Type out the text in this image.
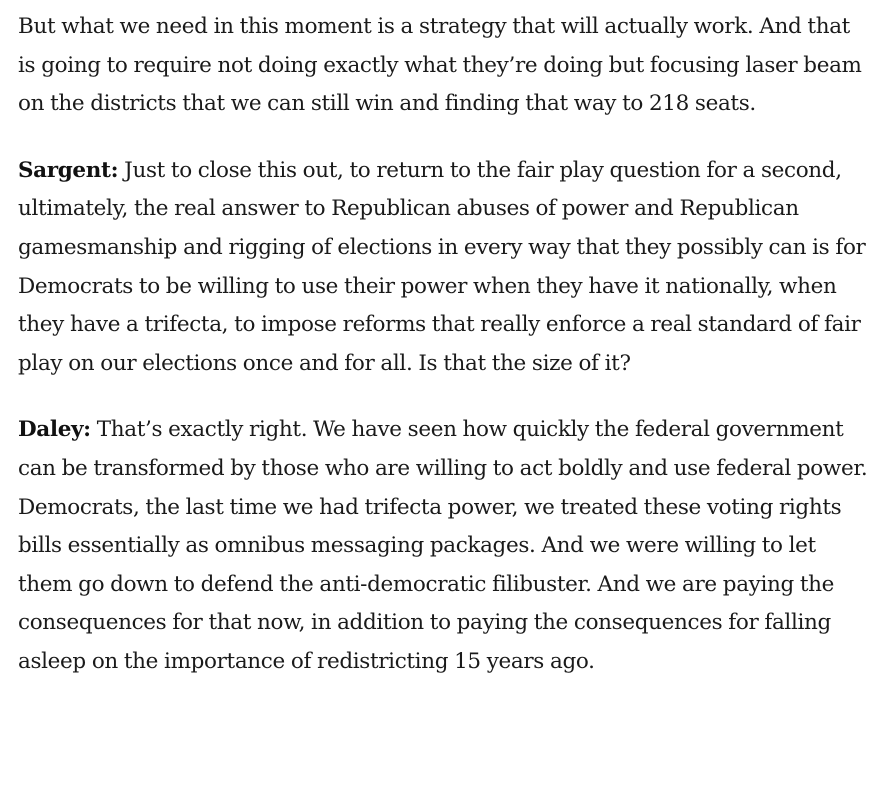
But what we need in this moment is a strategy that will actually work. And that is going to require not doing exactly what they’re doing but focusing laser beam on the districts that we can still win and finding that way to 218 seats.

Sargent: Just to close this out, to return to the fair play question for a second, ultimately, the real answer to Republican abuses of power and Republican gamesmanship and rigging of elections in every way that they possibly can is for Democrats to be willing to use their power when they have it nationally, when they have a trifecta, to impose reforms that really enforce a real standard of fair play on our elections once and for all. Is that the size of it?

Daley: That’s exactly right. We have seen how quickly the federal government can be transformed by those who are willing to act boldly and use federal power. Democrats, the last time we had trifecta power, we treated these voting rights bills essentially as omnibus messaging packages. And we were willing to let them go down to defend the anti-democratic filibuster. And we are paying the consequences for that now, in addition to paying the consequences for falling asleep on the importance of redistricting 15 years ago.
